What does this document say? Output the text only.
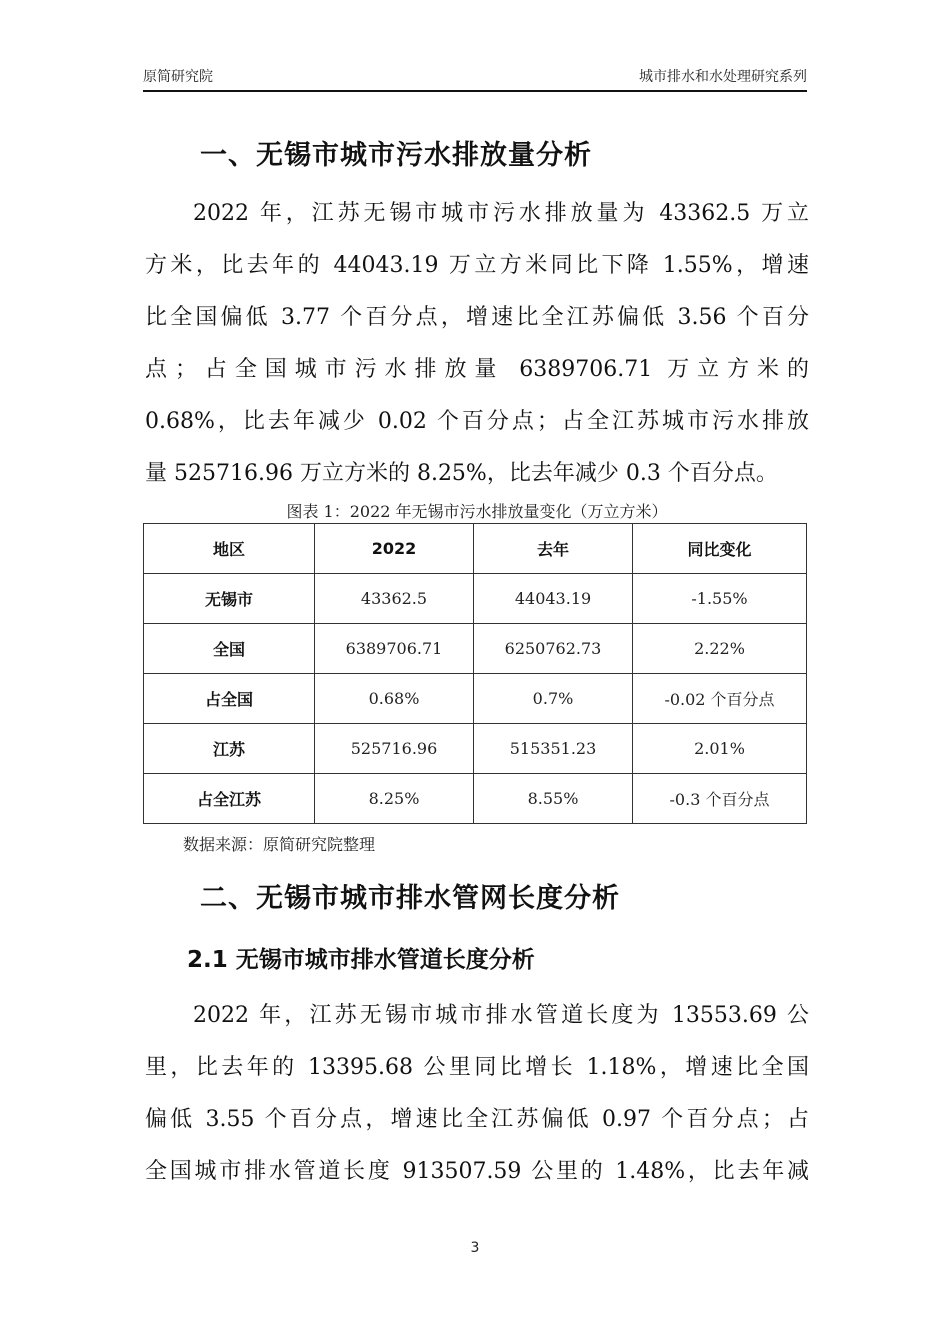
原简研究院	城市排水和水处理研究系列
一、无锡市城市污水排放量分析
2022 年，江苏无锡市城市污水排放量为 43362.5 万立
方米，比去年的 44043.19 万立方米同比下降 1.55%，增速
比全国偏低 3.77 个百分点，增速比全江苏偏低 3.56 个百分
点；占全国城市污水排放量 6389706.71 万立方米的
0.68%，比去年减少 0.02 个百分点；占全江苏城市污水排放
量 525716.96 万立方米的 8.25%，比去年减少 0.3 个百分点。
图表 1：2022 年无锡市污水排放量变化（万立方米）
地区	2022	去年	同比变化
无锡市	43362.5	44043.19	-1.55%
全国	6389706.71	6250762.73	2.22%
占全国	0.68%	0.7%	-0.02 个百分点
江苏	525716.96	515351.23	2.01%
占全江苏	8.25%	8.55%	-0.3 个百分点
数据来源：原简研究院整理
二、无锡市城市排水管网长度分析
2.1 无锡市城市排水管道长度分析
2022 年，江苏无锡市城市排水管道长度为 13553.69 公
里，比去年的 13395.68 公里同比增长 1.18%，增速比全国
偏低 3.55 个百分点，增速比全江苏偏低 0.97 个百分点；占
全国城市排水管道长度 913507.59 公里的 1.48%，比去年减
3
